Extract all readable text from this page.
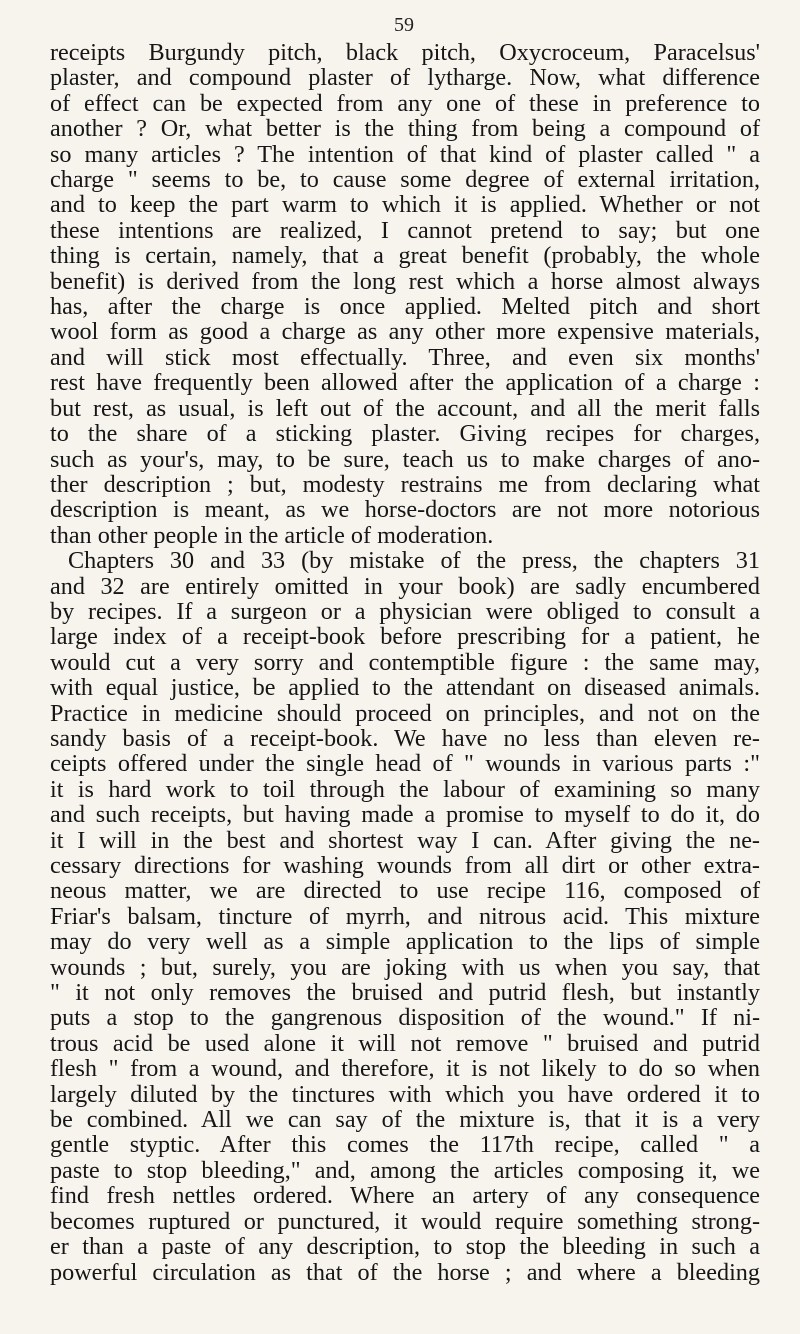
59
receipts Burgundy pitch, black pitch, Oxycroceum, Paracelsus'
plaster, and compound plaster of lytharge. Now, what difference
of effect can be expected from any one of these in preference to
another ? Or, what better is the thing from being a compound of
so many articles ? The intention of that kind of plaster called " a
charge " seems to be, to cause some degree of external irritation,
and to keep the part warm to which it is applied. Whether or not
these intentions are realized, I cannot pretend to say; but one
thing is certain, namely, that a great benefit (probably, the whole
benefit) is derived from the long rest which a horse almost always
has, after the charge is once applied. Melted pitch and short
wool form as good a charge as any other more expensive materials,
and will stick most effectually. Three, and even six months'
rest have frequently been allowed after the application of a charge :
but rest, as usual, is left out of the account, and all the merit falls
to the share of a sticking plaster. Giving recipes for charges,
such as your's, may, to be sure, teach us to make charges of ano-
ther description ; but, modesty restrains me from declaring what
description is meant, as we horse-doctors are not more notorious
than other people in the article of moderation.
Chapters 30 and 33 (by mistake of the press, the chapters 31
and 32 are entirely omitted in your book) are sadly encumbered
by recipes. If a surgeon or a physician were obliged to consult a
large index of a receipt-book before prescribing for a patient, he
would cut a very sorry and contemptible figure : the same may,
with equal justice, be applied to the attendant on diseased animals.
Practice in medicine should proceed on principles, and not on the
sandy basis of a receipt-book. We have no less than eleven re-
ceipts offered under the single head of " wounds in various parts :"
it is hard work to toil through the labour of examining so many
and such receipts, but having made a promise to myself to do it, do
it I will in the best and shortest way I can. After giving the ne-
cessary directions for washing wounds from all dirt or other extra-
neous matter, we are directed to use recipe 116, composed of
Friar's balsam, tincture of myrrh, and nitrous acid. This mixture
may do very well as a simple application to the lips of simple
wounds ; but, surely, you are joking with us when you say, that
" it not only removes the bruised and putrid flesh, but instantly
puts a stop to the gangrenous disposition of the wound." If ni-
trous acid be used alone it will not remove " bruised and putrid
flesh " from a wound, and therefore, it is not likely to do so when
largely diluted by the tinctures with which you have ordered it to
be combined. All we can say of the mixture is, that it is a very
gentle styptic. After this comes the 117th recipe, called " a
paste to stop bleeding," and, among the articles composing it, we
find fresh nettles ordered. Where an artery of any consequence
becomes ruptured or punctured, it would require something strong-
er than a paste of any description, to stop the bleeding in such a
powerful circulation as that of the horse ; and where a bleeding
